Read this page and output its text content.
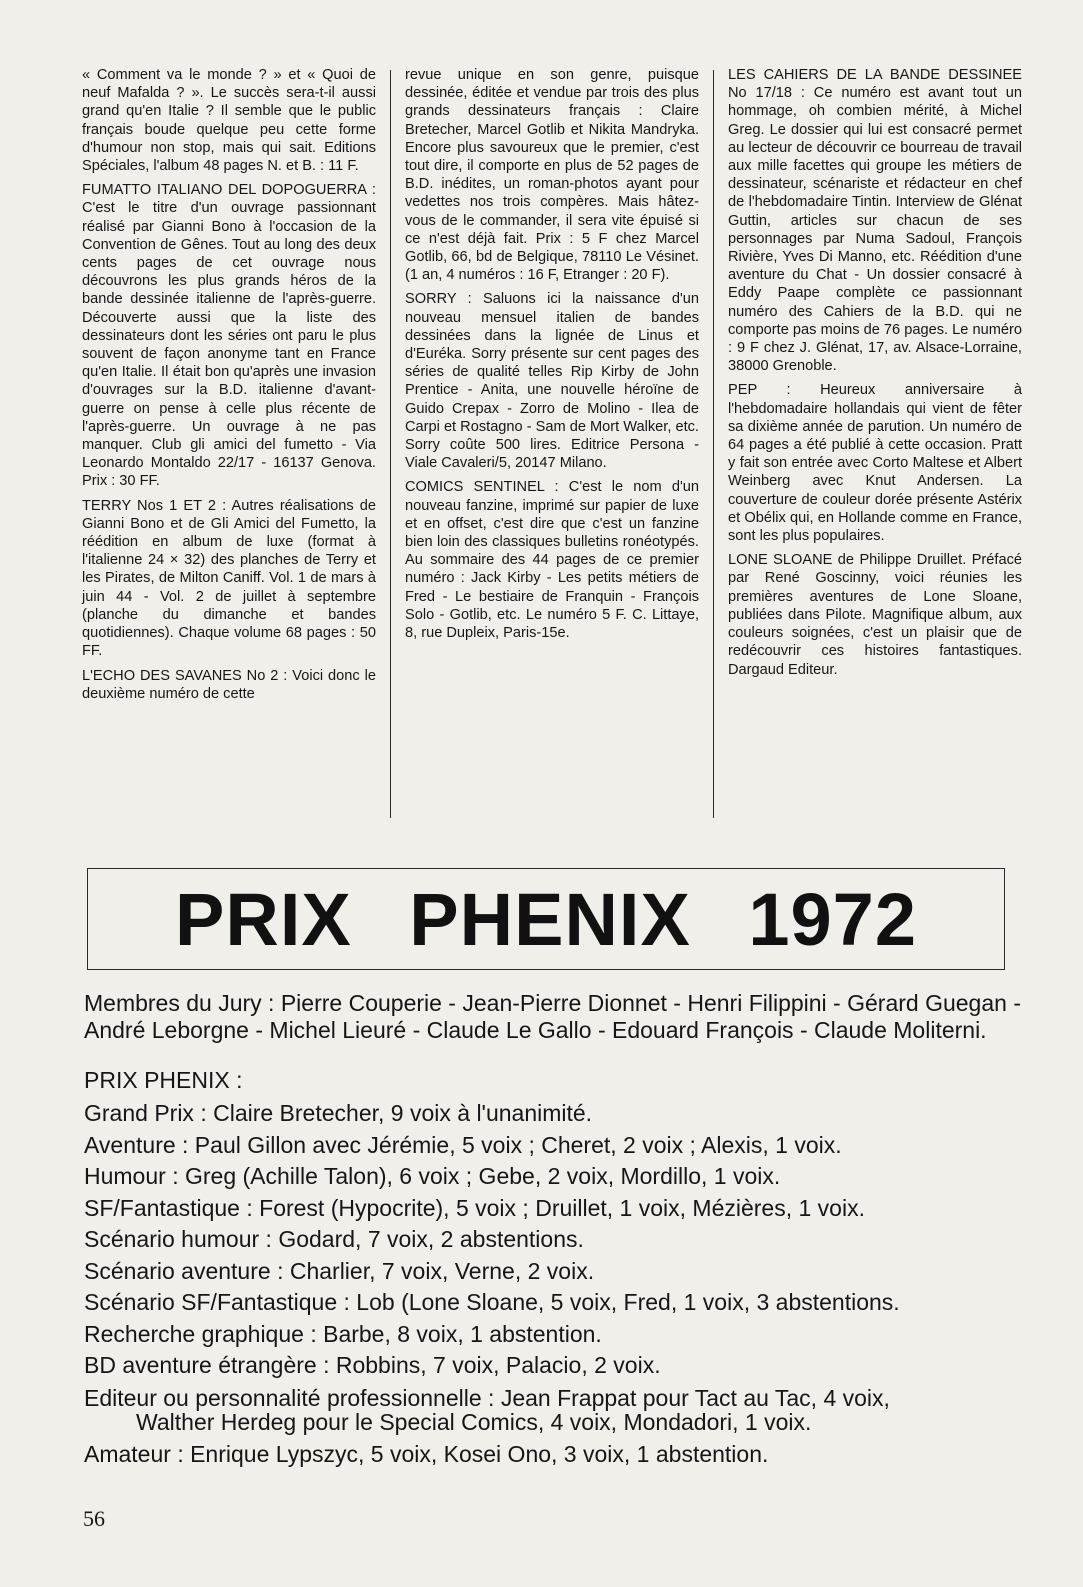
« Comment va le monde ? » et « Quoi de neuf Mafalda ? ». Le succès sera-t-il aussi grand qu'en Italie ? Il semble que le public français boude quelque peu cette forme d'humour non stop, mais qui sait. Editions Spéciales, l'album 48 pages N. et B. : 11 F.

FUMATTO ITALIANO DEL DOPOGUERRA : C'est le titre d'un ouvrage passionnant réalisé par Gianni Bono à l'occasion de la Convention de Gênes. Tout au long des deux cents pages de cet ouvrage nous découvrons les plus grands héros de la bande dessinée italienne de l'après-guerre. Découverte aussi que la liste des dessinateurs dont les séries ont paru le plus souvent de façon anonyme tant en France qu'en Italie. Il était bon qu'après une invasion d'ouvrages sur la B.D. italienne d'avant-guerre on pense à celle plus récente de l'après-guerre. Un ouvrage à ne pas manquer. Club gli amici del fumetto - Via Leonardo Montaldo 22/17 - 16137 Genova. Prix : 30 FF.

TERRY Nos 1 ET 2 : Autres réalisations de Gianni Bono et de Gli Amici del Fumetto, la réédition en album de luxe (format à l'italienne 24 × 32) des planches de Terry et les Pirates, de Milton Caniff. Vol. 1 de mars à juin 44 - Vol. 2 de juillet à septembre (planche du dimanche et bandes quotidiennes). Chaque volume 68 pages : 50 FF.

L'ECHO DES SAVANES No 2 : Voici donc le deuxième numéro de cette

revue unique en son genre, puisque dessinée, éditée et vendue par trois des plus grands dessinateurs français : Claire Bretecher, Marcel Gotlib et Nikita Mandryka. Encore plus savoureux que le premier, c'est tout dire, il comporte en plus de 52 pages de B.D. inédites, un roman-photos ayant pour vedettes nos trois compères. Mais hâtez-vous de le commander, il sera vite épuisé si ce n'est déjà fait. Prix : 5 F chez Marcel Gotlib, 66, bd de Belgique, 78110 Le Vésinet. (1 an, 4 numéros : 16 F, Etranger : 20 F).

SORRY : Saluons ici la naissance d'un nouveau mensuel italien de bandes dessinées dans la lignée de Linus et d'Euréka. Sorry présente sur cent pages des séries de qualité telles Rip Kirby de John Prentice - Anita, une nouvelle héroïne de Guido Crepax - Zorro de Molino - Ilea de Carpi et Rostagno - Sam de Mort Walker, etc. Sorry coûte 500 lires. Editrice Persona - Viale Cavaleri/5, 20147 Milano.

COMICS SENTINEL : C'est le nom d'un nouveau fanzine, imprimé sur papier de luxe et en offset, c'est dire que c'est un fanzine bien loin des classiques bulletins ronéotypés. Au sommaire des 44 pages de ce premier numéro : Jack Kirby - Les petits métiers de Fred - Le bestiaire de Franquin - François Solo - Gotlib, etc. Le numéro 5 F. C. Littaye, 8, rue Dupleix, Paris-15e.

LES CAHIERS DE LA BANDE DESSINEE No 17/18 : Ce numéro est avant tout un hommage, oh combien mérité, à Michel Greg. Le dossier qui lui est consacré permet au lecteur de découvrir ce bourreau de travail aux mille facettes qui groupe les métiers de dessinateur, scénariste et rédacteur en chef de l'hebdomadaire Tintin. Interview de Glénat Guttin, articles sur chacun de ses personnages par Numa Sadoul, François Rivière, Yves Di Manno, etc. Réédition d'une aventure du Chat - Un dossier consacré à Eddy Paape complète ce passionnant numéro des Cahiers de la B.D. qui ne comporte pas moins de 76 pages. Le numéro : 9 F chez J. Glénat, 17, av. Alsace-Lorraine, 38000 Grenoble.

PEP : Heureux anniversaire à l'hebdomadaire hollandais qui vient de fêter sa dixième année de parution. Un numéro de 64 pages a été publié à cette occasion. Pratt y fait son entrée avec Corto Maltese et Albert Weinberg avec Knut Andersen. La couverture de couleur dorée présente Astérix et Obélix qui, en Hollande comme en France, sont les plus populaires.

LONE SLOANE de Philippe Druillet. Préfacé par René Goscinny, voici réunies les premières aventures de Lone Sloane, publiées dans Pilote. Magnifique album, aux couleurs soignées, c'est un plaisir que de redécouvrir ces histoires fantastiques. Dargaud Editeur.

PRIX PHENIX 1972

Membres du Jury : Pierre Couperie - Jean-Pierre Dionnet - Henri Filippini - Gérard Guegan - André Leborgne - Michel Lieuré - Claude Le Gallo - Edouard François - Claude Moliterni.

PRIX PHENIX :

Grand Prix : Claire Bretecher, 9 voix à l'unanimité.
Aventure : Paul Gillon avec Jérémie, 5 voix ; Cheret, 2 voix ; Alexis, 1 voix.
Humour : Greg (Achille Talon), 6 voix ; Gebe, 2 voix, Mordillo, 1 voix.
SF/Fantastique : Forest (Hypocrite), 5 voix ; Druillet, 1 voix, Mézières, 1 voix.
Scénario humour : Godard, 7 voix, 2 abstentions.
Scénario aventure : Charlier, 7 voix, Verne, 2 voix.
Scénario SF/Fantastique : Lob (Lone Sloane, 5 voix, Fred, 1 voix, 3 abstentions.
Recherche graphique : Barbe, 8 voix, 1 abstention.
BD aventure étrangère : Robbins, 7 voix, Palacio, 2 voix.
Editeur ou personnalité professionnelle : Jean Frappat pour Tact au Tac, 4 voix,
Walther Herdeg pour le Special Comics, 4 voix, Mondadori, 1 voix.
Amateur : Enrique Lypszyc, 5 voix, Kosei Ono, 3 voix, 1 abstention.
56
